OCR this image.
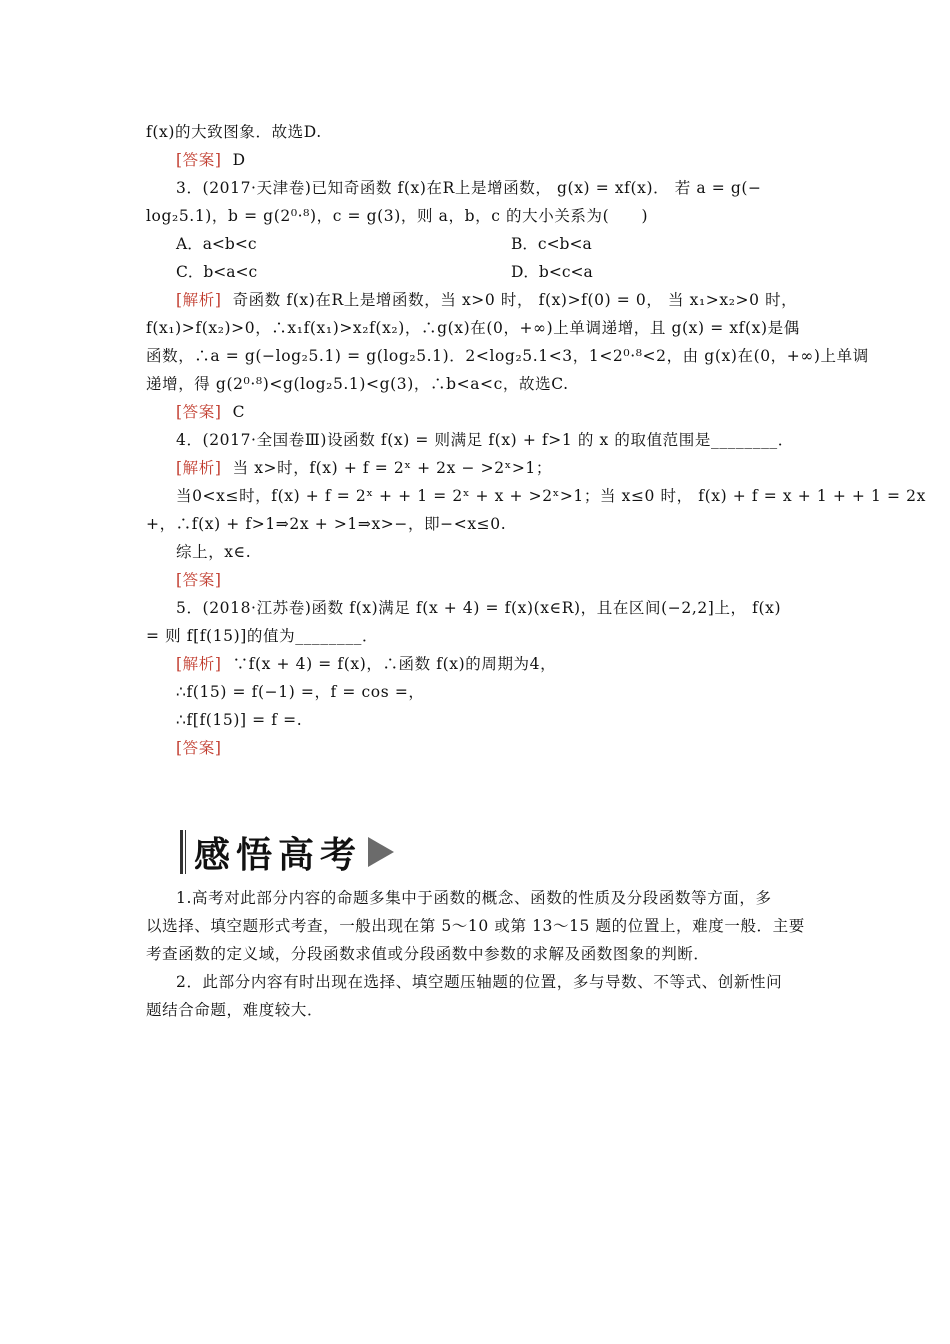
f(x)的大致图象．故选D.
[答案] D
3．(2017·天津卷)已知奇函数 f(x)在R上是增函数， g(x) = xf(x)． 若 a = g(−
log₂5.1)，b = g(2⁰·⁸)，c = g(3)，则 a，b，c 的大小关系为(　　)
A．a<b<c	B．c<b<a
C．b<a<c	D．b<c<a
[解析] 奇函数 f(x)在R上是增函数，当 x>0 时， f(x)>f(0) = 0， 当 x₁>x₂>0 时，
f(x₁)>f(x₂)>0，∴x₁f(x₁)>x₂f(x₂)，∴g(x)在(0，+∞)上单调递增，且 g(x) = xf(x)是偶
函数，∴a = g(−log₂5.1) = g(log₂5.1)．2<log₂5.1<3，1<2⁰·⁸<2，由 g(x)在(0，+∞)上单调
递增，得 g(2⁰·⁸)<g(log₂5.1)<g(3)，∴b<a<c，故选C.
[答案] C
4．(2017·全国卷Ⅲ)设函数 f(x) = 则满足 f(x) + f>1 的 x 的取值范围是________．
[解析] 当 x>时，f(x) + f = 2ˣ + 2x − >2ˣ>1；
当0<x≤时，f(x) + f = 2ˣ + + 1 = 2ˣ + x + >2ˣ>1；当 x≤0 时， f(x) + f = x + 1 + + 1 = 2x
+，∴f(x) + f>1⇒2x + >1⇒x>−，即−<x≤0.
综上，x∈.
[答案]
5．(2018·江苏卷)函数 f(x)满足 f(x + 4) = f(x)(x∈R)，且在区间(−2,2]上， f(x)
= 则 f[f(15)]的值为________．
[解析] ∵f(x + 4) = f(x)，∴函数 f(x)的周期为4，
∴f(15) = f(−1) =，f = cos =，
∴f[f(15)] = f =.
[答案]
感悟高考
1.高考对此部分内容的命题多集中于函数的概念、函数的性质及分段函数等方面，多
以选择、填空题形式考查，一般出现在第 5～10 或第 13～15 题的位置上，难度一般．主要
考查函数的定义域，分段函数求值或分段函数中参数的求解及函数图象的判断．
2．此部分内容有时出现在选择、填空题压轴题的位置，多与导数、不等式、创新性问
题结合命题，难度较大．
